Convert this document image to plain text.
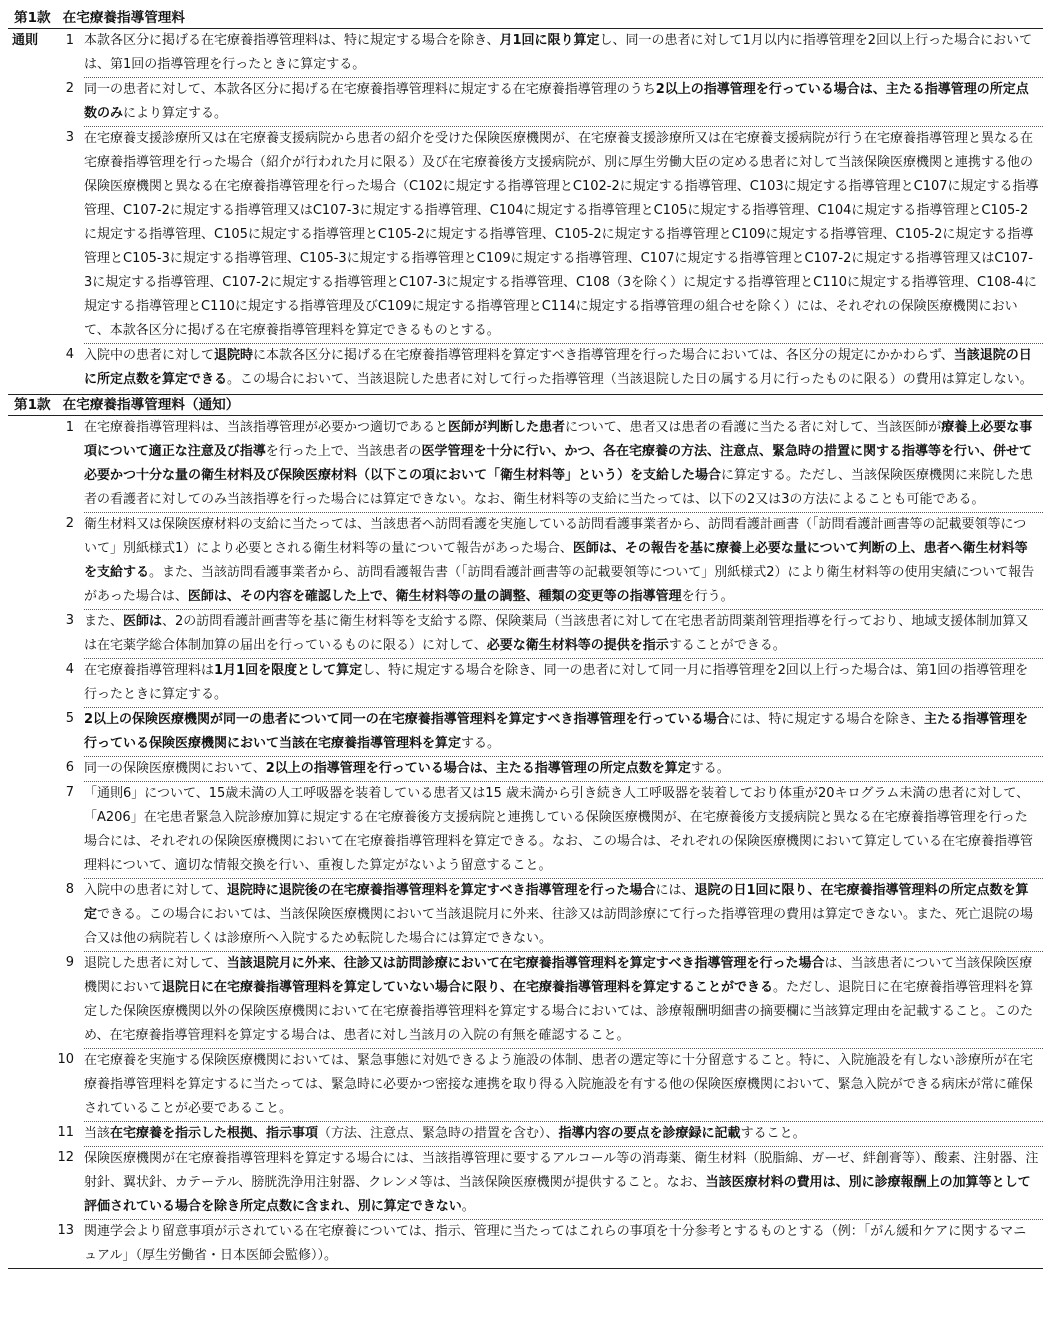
第1款 在宅療養指導管理料
通則	1 本款各区分に掲げる在宅療養指導管理料は、特に規定する場合を除き、月1回に限り算定し、同一の患者に対して1月以内に指導管理を2回以上行った場合においては、第1回の指導管理を行ったときに算定する。
2 同一の患者に対して、本款各区分に掲げる在宅療養指導管理料に規定する在宅療養指導管理のうち2以上の指導管理を行っている場合は、主たる指導管理の所定点数のみにより算定する。
3 在宅療養支援診療所又は在宅療養支援病院から患者の紹介を受けた保険医療機関が、在宅療養支援診療所又は在宅療養支援病院が行う在宅療養指導管理と異なる在宅療養指導管理を行った場合（紹介が行われた月に限る）及び在宅療養後方支援病院が、別に厚生労働大臣の定める患者に対して当該保険医療機関と連携する他の保険医療機関と異なる在宅療養指導管理を行った場合（C102に規定する指導管理とC102-2に規定する指導管理、C103に規定する指導管理とC107に規定する指導管理、C107-2に規定する指導管理又はC107-3に規定する指導管理、C104に規定する指導管理とC105に規定する指導管理、C104に規定する指導管理とC105-2に規定する指導管理、C105に規定する指導管理とC105-2に規定する指導管理、C105-2に規定する指導管理とC109に規定する指導管理、C105-2に規定する指導管理とC105-3に規定する指導管理、C105-3に規定する指導管理とC109に規定する指導管理、C107に規定する指導管理とC107-2に規定する指導管理又はC107-3に規定する指導管理、C107-2に規定する指導管理とC107-3に規定する指導管理、C108（3を除く）に規定する指導管理とC110に規定する指導管理、C108-4に規定する指導管理とC110に規定する指導管理及びC109に規定する指導管理とC114に規定する指導管理の組合せを除く）には、それぞれの保険医療機関において、本款各区分に掲げる在宅療養指導管理料を算定できるものとする。
4 入院中の患者に対して退院時に本款各区分に掲げる在宅療養指導管理料を算定すべき指導管理を行った場合においては、各区分の規定にかかわらず、当該退院の日に所定点数を算定できる。この場合において、当該退院した患者に対して行った指導管理（当該退院した日の属する月に行ったものに限る）の費用は算定しない。
第1款 在宅療養指導管理料（通知）
1 在宅療養指導管理料は、当該指導管理が必要かつ適切であると医師が判断した患者について、患者又は患者の看護に当たる者に対して、当該医師が療養上必要な事項について適正な注意及び指導を行った上で、当該患者の医学管理を十分に行い、かつ、各在宅療養の方法、注意点、緊急時の措置に関する指導等を行い、併せて必要かつ十分な量の衛生材料及び保険医療材料（以下この項において「衛生材料等」という）を支給した場合に算定する。ただし、当該保険医療機関に来院した患者の看護者に対してのみ当該指導を行った場合には算定できない。なお、衛生材料等の支給に当たっては、以下の2又は3の方法によることも可能である。
2 衛生材料又は保険医療材料の支給に当たっては、当該患者へ訪問看護を実施している訪問看護事業者から、訪問看護計画書（「訪問看護計画書等の記載要領等について」別紙様式1）により必要とされる衛生材料等の量について報告があった場合、医師は、その報告を基に療養上必要な量について判断の上、患者へ衛生材料等を支給する。また、当該訪問看護事業者から、訪問看護報告書（「訪問看護計画書等の記載要領等について」別紙様式2）により衛生材料等の使用実績について報告があった場合は、医師は、その内容を確認した上で、衛生材料等の量の調整、種類の変更等の指導管理を行う。
3 また、医師は、2の訪問看護計画書等を基に衛生材料等を支給する際、保険薬局（当該患者に対して在宅患者訪問薬剤管理指導を行っており、地域支援体制加算又は在宅薬学総合体制加算の届出を行っているものに限る）に対して、必要な衛生材料等の提供を指示することができる。
4 在宅療養指導管理料は1月1回を限度として算定し、特に規定する場合を除き、同一の患者に対して同一月に指導管理を2回以上行った場合は、第1回の指導管理を行ったときに算定する。
5 2以上の保険医療機関が同一の患者について同一の在宅療養指導管理料を算定すべき指導管理を行っている場合には、特に規定する場合を除き、主たる指導管理を行っている保険医療機関において当該在宅療養指導管理料を算定する。
6 同一の保険医療機関において、2以上の指導管理を行っている場合は、主たる指導管理の所定点数を算定する。
7 「通則6」について、15歳未満の人工呼吸器を装着している患者又は15 歳未満から引き続き人工呼吸器を装着しており体重が20キログラム未満の患者に対して、「A206」在宅患者緊急入院診療加算に規定する在宅療養後方支援病院と連携している保険医療機関が、在宅療養後方支援病院と異なる在宅療養指導管理を行った場合には、それぞれの保険医療機関において在宅療養指導管理料を算定できる。なお、この場合は、それぞれの保険医療機関において算定している在宅療養指導管理料について、適切な情報交換を行い、重複した算定がないよう留意すること。
8 入院中の患者に対して、退院時に退院後の在宅療養指導管理料を算定すべき指導管理を行った場合には、退院の日1回に限り、在宅療養指導管理料の所定点数を算定できる。この場合においては、当該保険医療機関において当該退院月に外来、往診又は訪問診療にて行った指導管理の費用は算定できない。また、死亡退院の場合又は他の病院若しくは診療所へ入院するため転院した場合には算定できない。
9 退院した患者に対して、当該退院月に外来、往診又は訪問診療において在宅療養指導管理料を算定すべき指導管理を行った場合は、当該患者について当該保険医療機関において退院日に在宅療養指導管理料を算定していない場合に限り、在宅療養指導管理料を算定することができる。ただし、退院日に在宅療養指導管理料を算定した保険医療機関以外の保険医療機関において在宅療養指導管理料を算定する場合においては、診療報酬明細書の摘要欄に当該算定理由を記載すること。このため、在宅療養指導管理料を算定する場合は、患者に対し当該月の入院の有無を確認すること。
10 在宅療養を実施する保険医療機関においては、緊急事態に対処できるよう施設の体制、患者の選定等に十分留意すること。特に、入院施設を有しない診療所が在宅療養指導管理料を算定するに当たっては、緊急時に必要かつ密接な連携を取り得る入院施設を有する他の保険医療機関において、緊急入院ができる病床が常に確保されていることが必要であること。
11 当該在宅療養を指示した根拠、指示事項（方法、注意点、緊急時の措置を含む）、指導内容の要点を診療録に記載すること。
12 保険医療機関が在宅療養指導管理料を算定する場合には、当該指導管理に要するアルコール等の消毒薬、衛生材料（脱脂綿、ガーゼ、絆創膏等）、酸素、注射器、注射針、翼状針、カテーテル、膀胱洗浄用注射器、クレンメ等は、当該保険医療機関が提供すること。なお、当該医療材料の費用は、別に診療報酬上の加算等として評価されている場合を除き所定点数に含まれ、別に算定できない。
13 関連学会より留意事項が示されている在宅療養については、指示、管理に当たってはこれらの事項を十分参考とするものとする（例：「がん緩和ケアに関するマニュアル」（厚生労働省・日本医師会監修））。
